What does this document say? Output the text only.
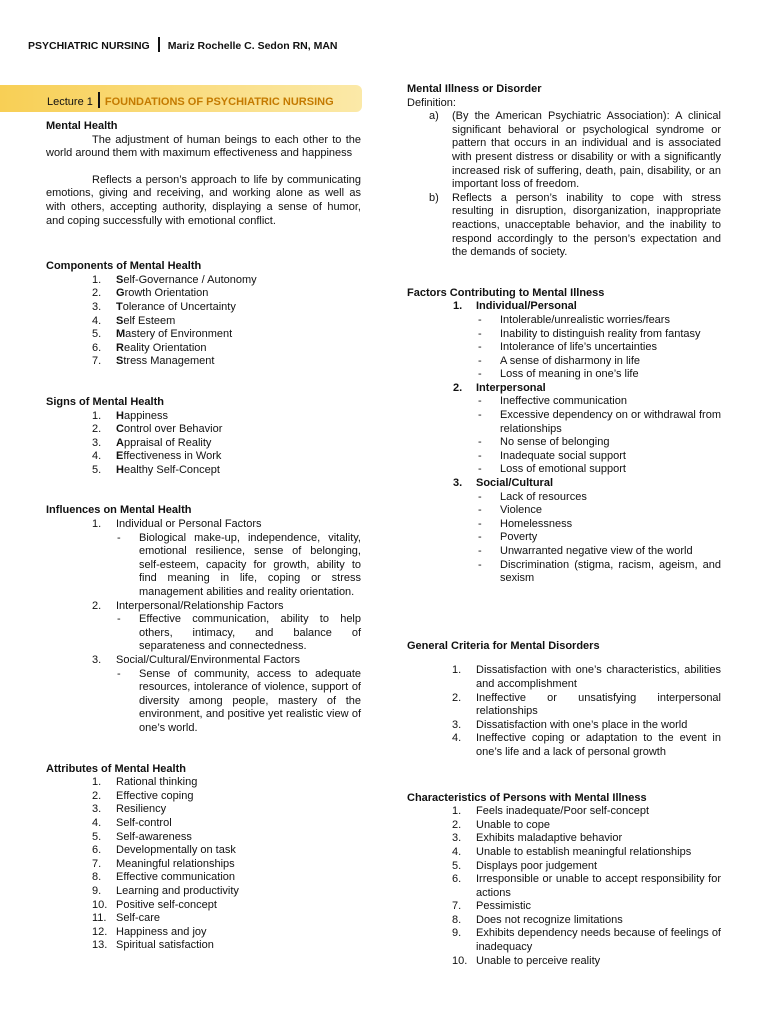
PSYCHIATRIC NURSING Mariz Rochelle C. Sedon RN, MAN
Lecture 1 FOUNDATIONS OF PSYCHIATRIC NURSING
Mental Health

The adjustment of human beings to each other to the world around them with maximum effectiveness and happiness

Reflects a person’s approach to life by communicating emotions, giving and receiving, and working alone as well as with others, accepting authority, displaying a sense of humor, and coping successfully with emotional conflict.

Components of Mental Health
1. Self-Governance / Autonomy
2. Growth Orientation
3. Tolerance of Uncertainty
4. Self Esteem
5. Mastery of Environment
6. Reality Orientation
7. Stress Management
Signs of Mental Health
1. Happiness
2. Control over Behavior
3. Appraisal of Reality
4. Effectiveness in Work
5. Healthy Self-Concept
Influences on Mental Health
1. Individual or Personal Factors
- Biological make-up, independence, vitality, emotional resilience, sense of belonging, self-esteem, capacity for growth, ability to find meaning in life, coping or stress management abilities and reality orientation.
2. Interpersonal/Relationship Factors
- Effective communication, ability to help others, intimacy, and balance of separateness and connectedness.
3. Social/Cultural/Environmental Factors
- Sense of community, access to adequate resources, intolerance of violence, support of diversity among people, mastery of the environment, and positive yet realistic view of one’s world.
Attributes of Mental Health
1. Rational thinking
2. Effective coping
3. Resiliency
4. Self-control
5. Self-awareness
6. Developmentally on task
7. Meaningful relationships
8. Effective communication
9. Learning and productivity
10. Positive self-concept
11. Self-care
12. Happiness and joy
13. Spiritual satisfaction
Mental Illness or Disorder
Definition:
a) (By the American Psychiatric Association): A clinical significant behavioral or psychological syndrome or pattern that occurs in an individual and is associated with present distress or disability or with a significantly increased risk of suffering, death, pain, disability, or an important loss of freedom.
b) Reflects a person’s inability to cope with stress resulting in disruption, disorganization, inappropriate reactions, unacceptable behavior, and the inability to respond accordingly to the person’s expectation and the demands of society.
Factors Contributing to Mental Illness
1. Individual/Personal
- Intolerable/unrealistic worries/fears
- Inability to distinguish reality from fantasy
- Intolerance of life’s uncertainties
- A sense of disharmony in life
- Loss of meaning in one’s life
2. Interpersonal
- Ineffective communication
- Excessive dependency on or withdrawal from relationships
- No sense of belonging
- Inadequate social support
- Loss of emotional support
3. Social/Cultural
- Lack of resources
- Violence
- Homelessness
- Poverty
- Unwarranted negative view of the world
- Discrimination (stigma, racism, ageism, and sexism
General Criteria for Mental Disorders
1. Dissatisfaction with one’s characteristics, abilities and accomplishment
2. Ineffective or unsatisfying interpersonal relationships
3. Dissatisfaction with one’s place in the world
4. Ineffective coping or adaptation to the event in one’s life and a lack of personal growth
Characteristics of Persons with Mental Illness
1. Feels inadequate/Poor self-concept
2. Unable to cope
3. Exhibits maladaptive behavior
4. Unable to establish meaningful relationships
5. Displays poor judgement
6. Irresponsible or unable to accept responsibility for actions
7. Pessimistic
8. Does not recognize limitations
9. Exhibits dependency needs because of feelings of inadequacy
10. Unable to perceive reality
